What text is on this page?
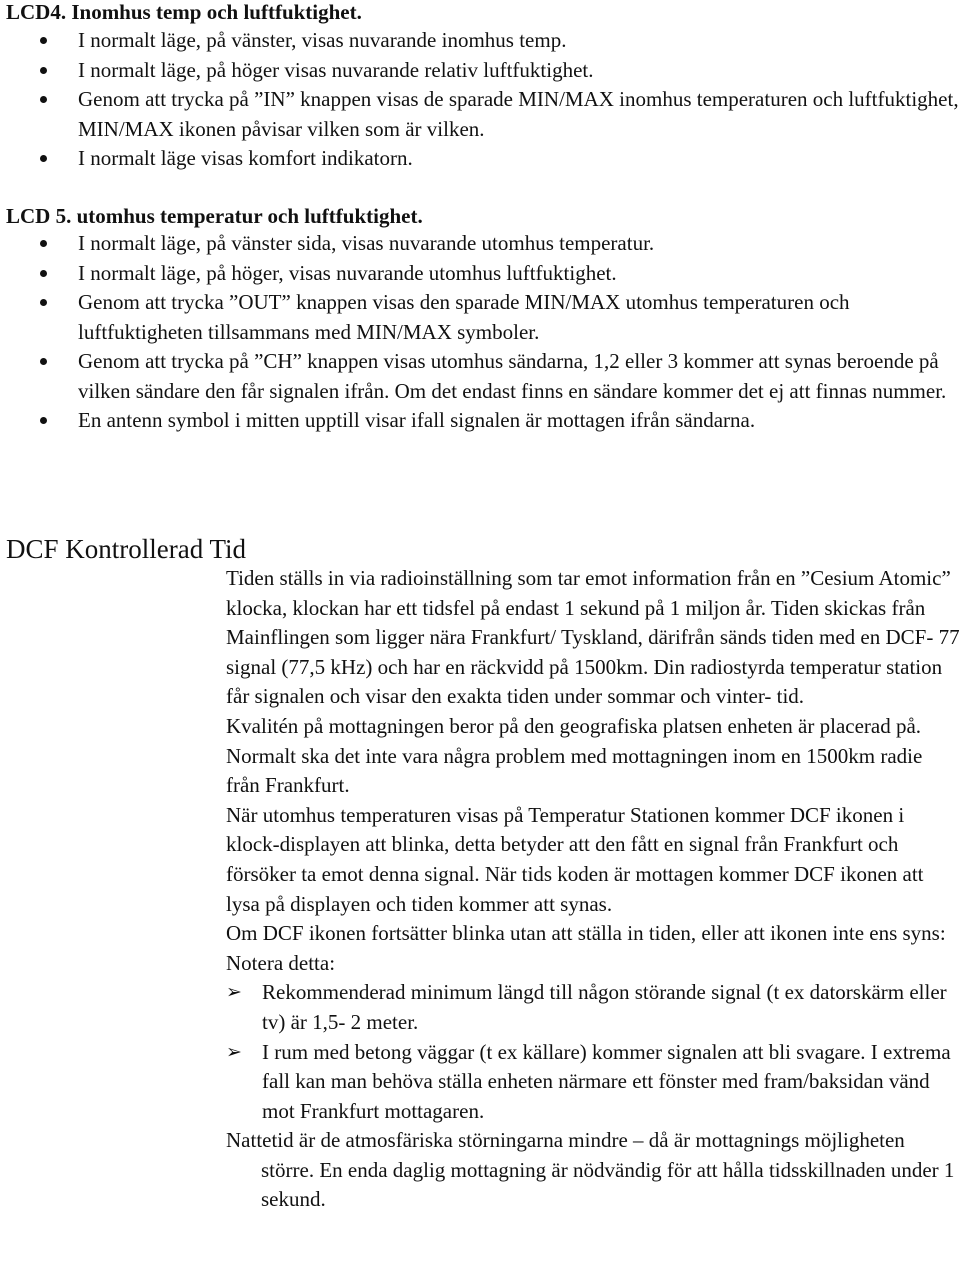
LCD4. Inomhus temp och luftfuktighet.
I normalt läge, på vänster, visas nuvarande inomhus temp.
I normalt läge, på höger visas nuvarande relativ luftfuktighet.
Genom att trycka på ”IN” knappen visas de sparade MIN/MAX inomhus temperaturen och luftfuktighet, MIN/MAX ikonen påvisar vilken som är vilken.
I normalt läge visas komfort indikatorn.
LCD 5. utomhus temperatur och luftfuktighet.
I normalt läge, på vänster sida, visas nuvarande utomhus temperatur.
I normalt läge, på höger, visas nuvarande utomhus luftfuktighet.
Genom att trycka ”OUT” knappen visas den sparade MIN/MAX utomhus temperaturen och luftfuktigheten tillsammans med MIN/MAX symboler.
Genom att trycka på ”CH” knappen visas utomhus sändarna, 1,2 eller 3 kommer att synas beroende på vilken sändare den får signalen ifrån. Om det endast finns en sändare kommer det ej att finnas nummer.
En antenn symbol i mitten upptill visar ifall signalen är mottagen ifrån sändarna.
DCF Kontrollerad Tid

Tiden ställs in via radioinställning som tar emot information från en ”Cesium Atomic” klocka, klockan har ett tidsfel på endast 1 sekund på 1 miljon år. Tiden skickas från Mainflingen som ligger nära Frankfurt/ Tyskland, därifrån sänds tiden med en DCF- 77 signal (77,5 kHz) och har en räckvidd på 1500km. Din radiostyrda temperatur station får signalen och visar den exakta tiden under sommar och vinter- tid.

Kvalitén på mottagningen beror på den geografiska platsen enheten är placerad på. Normalt ska det inte vara några problem med mottagningen inom en 1500km radie från Frankfurt.

När utomhus temperaturen visas på Temperatur Stationen kommer DCF ikonen i klock-displayen att blinka, detta betyder att den fått en signal från Frankfurt och försöker ta emot denna signal. När tids koden är mottagen kommer DCF ikonen att lysa på displayen och tiden kommer att synas.

Om DCF ikonen fortsätter blinka utan att ställa in tiden, eller att ikonen inte ens syns:

Notera detta:

➢ Rekommenderad minimum längd till någon störande signal (t ex datorskärm eller tv) är 1,5- 2 meter.
➢ I rum med betong väggar (t ex källare) kommer signalen att bli svagare. I extrema fall kan man behöva ställa enheten närmare ett fönster med fram/baksidan vänd mot Frankfurt mottagaren.

Nattetid är de atmosfäriska störningarna mindre – då är mottagnings möjligheten större. En enda daglig mottagning är nödvändig för att hålla tidsskillnaden under 1 sekund.
